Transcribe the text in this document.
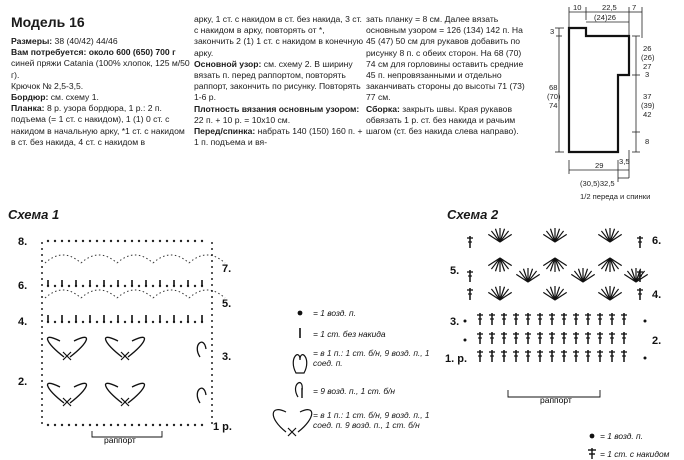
Модель 16

Размеры: 38 (40/42) 44/46

Вам потребуется: около 600 (650) 700 г синей пряжи Catania (100% хлопок, 125 м/50 г).

Крючок № 2,5-3,5.

Бордюр: см. схему 1.

Планка: 8 р. узора бордюра, 1 р.: 2 п. подъема (= 1 ст. с накидом), 1 (1) 0 ст. с накидом в начальную арку, *1 ст. с накидом в ст. без накида, 4 ст. с накидом в

арку, 1 ст. с накидом в ст. без накида, 3 ст. с накидом в арку, повторять от *, закончить 2 (1) 1 ст. с накидом в конечную арку.

Основной узор: см. схему 2. В ширину вязать п. перед раппортом, повторять раппорт, закончить по рисунку. Повторять 1-6 р.

Плотность вязания основным узором: 22 п. + 10 р. = 10х10 см.

Перед/спинка: набрать 140 (150) 160 п. + 1 п. подъема и вя-

зать планку = 8 см. Далее вязать основным узором = 126 (134) 142 п. На 45 (47) 50 см для рукавов добавить по рисунку 8 п. с обеих сторон. На 68 (70) 74 см для горловины оставить средние 45 п. непровязанными и отдельно заканчивать стороны до высоты 71 (73) 77 см.

Сборка: закрыть швы. Края рукавов обвязать 1 р. ст. без накида и рачьим шагом (ст. без накида слева направо).

10	22,5
(24)26
7
3
68
(70)
74
26
(26)
27
3
37
(39)
42
8
29
(30,5)32,5
3,5
1/2 переда и спинки
Схема 1
8.
7.
6.
5.
4.
3.
2.
1 р.
раппорт
= 1 возд. п.
= 1 ст. без накида
= в 1 п.: 1 ст. б/н, 9 возд. п., 1 соед. п.
= 9 возд. п., 1 ст. б/н
= в 1 п.: 1 ст. б/н, 9 возд. п., 1 соед. п. 9 возд. п., 1 ст. б/н
Схема 2
6.
5.
4.
3.
2.
1. р.
раппорт
= 1 возд. п.
= 1 ст. с накидом
